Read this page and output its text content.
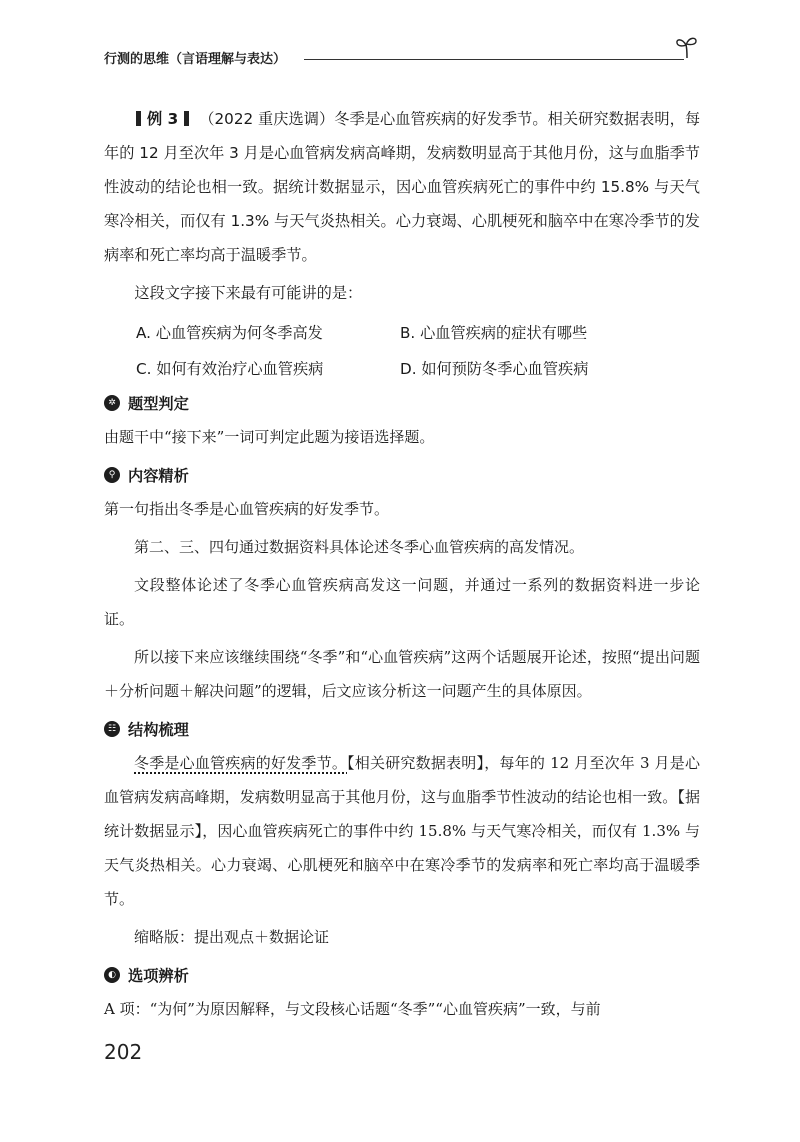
行测的思维（言语理解与表达）

例 3 （2022 重庆选调）冬季是心血管疾病的好发季节。相关研究数据表明，每年的 12 月至次年 3 月是心血管病发病高峰期，发病数明显高于其他月份，这与血脂季节性波动的结论也相一致。据统计数据显示，因心血管疾病死亡的事件中约 15.8% 与天气寒冷相关，而仅有 1.3% 与天气炎热相关。心力衰竭、心肌梗死和脑卒中在寒冷季节的发病率和死亡率均高于温暖季节。

这段文字接下来最有可能讲的是：

A. 心血管疾病为何冬季高发	B. 心血管疾病的症状有哪些
C. 如何有效治疗心血管疾病	D. 如何预防冬季心血管疾病
✲ 题型判定

由题干中“接下来”一词可判定此题为接语选择题。

⚲ 内容精析

第一句指出冬季是心血管疾病的好发季节。

第二、三、四句通过数据资料具体论述冬季心血管疾病的高发情况。

文段整体论述了冬季心血管疾病高发这一问题，并通过一系列的数据资料进一步论证。

所以接下来应该继续围绕“冬季”和“心血管疾病”这两个话题展开论述，按照“提出问题＋分析问题＋解决问题”的逻辑，后文应该分析这一问题产生的具体原因。

☷ 结构梳理

冬季是心血管疾病的好发季节。【相关研究数据表明】，每年的 12 月至次年 3 月是心血管病发病高峰期，发病数明显高于其他月份，这与血脂季节性波动的结论也相一致。【据统计数据显示】，因心血管疾病死亡的事件中约 15.8% 与天气寒冷相关，而仅有 1.3% 与天气炎热相关。心力衰竭、心肌梗死和脑卒中在寒冷季节的发病率和死亡率均高于温暖季节。

缩略版：提出观点＋数据论证

◐ 选项辨析

A 项：“为何”为原因解释，与文段核心话题“冬季”“心血管疾病”一致，与前

202
